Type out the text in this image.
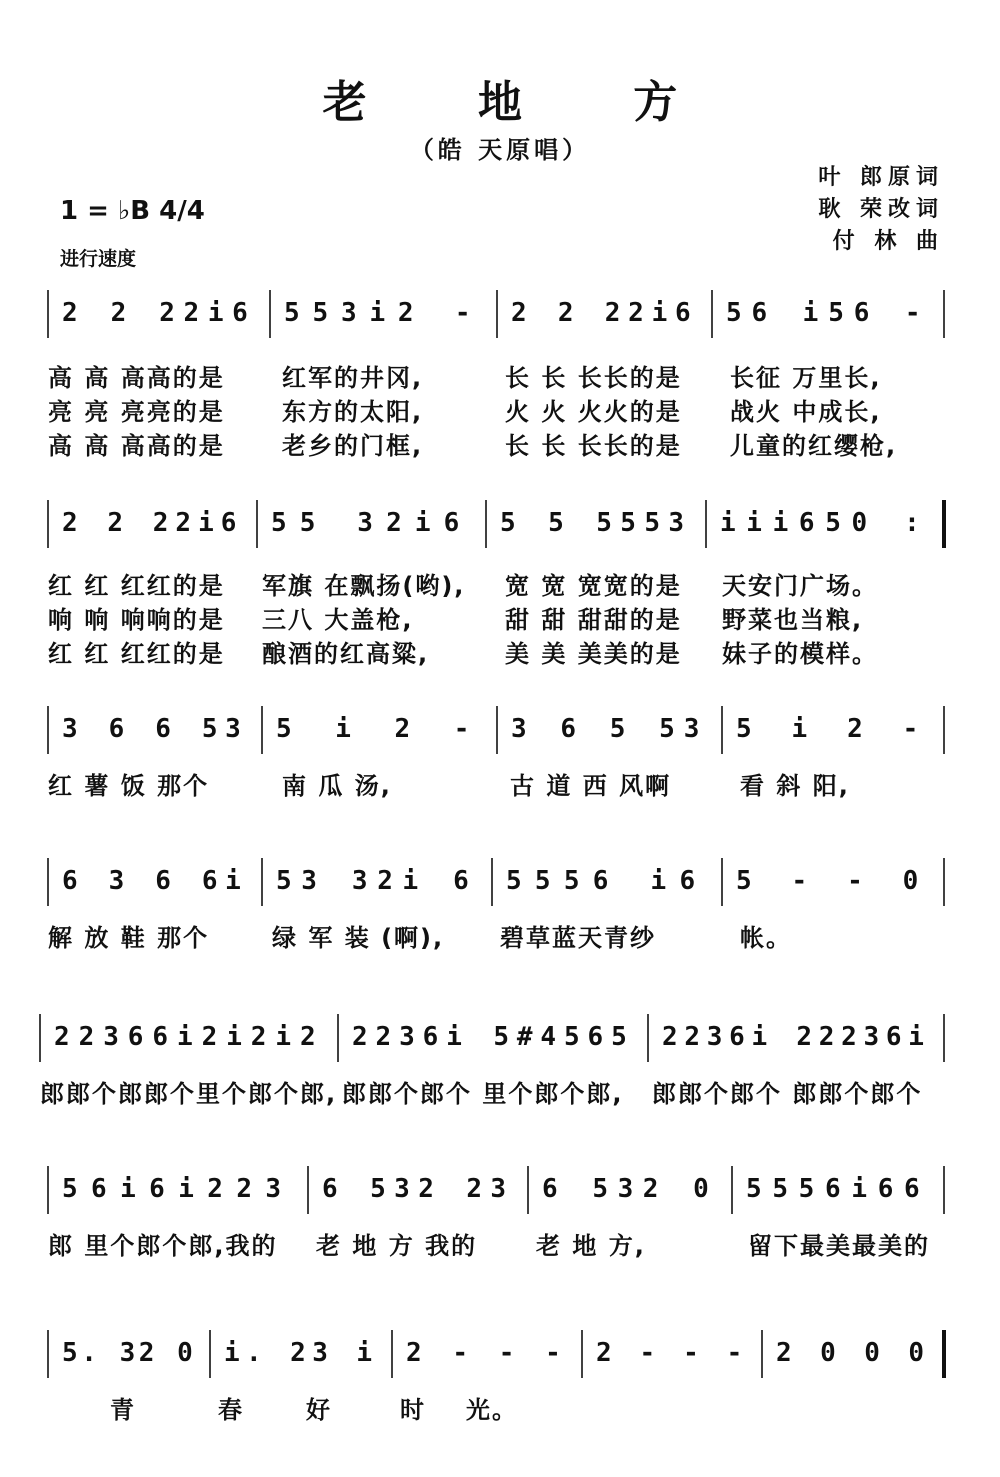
老 地 方
（皓 天原唱）
叶 郎原词
耿 荣改词
付 林 曲
1 = ♭B 4/4
进行速度
2 2 22i6 553i2 - 2 2 22i6 56 i56 -
高 高 高高的是 红军的井冈,	长 长 长长的是 长征 万里长,
亮 亮 亮亮的是 东方的太阳,	火 火 火火的是 战火 中成长,
高 高 高高的是 老乡的门框,	长 长 长长的是 儿童的红缨枪,
2 2 22i6 55 32i6 5 5 5553 iii650 :
红 红 红红的是 军旗 在飘扬(哟), 宽 宽 宽宽的是 天安门广场。
响 响 响响的是 三八 大盖枪,	甜 甜 甜甜的是 野菜也当粮,
红 红 红红的是 酿酒的红高粱,	美 美 美美的是 妹子的模样。
3 6 6 53 5 i 2 - 3 6 5 53 5 i 2 -
红 薯 饭 那个	南 瓜 汤,	古 道 西 风啊	看 斜 阳,
6 3 6 6i 53 32i 6 5556 i6 5 - - 0
解 放 鞋 那个	绿 军 装 (啊), 碧草蓝天青纱	帐。
22366i2i2i2 2236i 5#4565 2236i 22236i
郎郎个郎郎个里个郎个郎, 郎郎个郎个 里个郎个郎, 郎郎个郎个 郎郎个郎个
56i6i223 6 532 23 6 532 0 5556i66
郎 里个郎个郎,我的 老 地 方 我的 老 地 方,	留下最美最美的
5. 32 0 i. 23 i 2 - - - 2 - - - 2 0 0 0
青	春	好	时 光。
